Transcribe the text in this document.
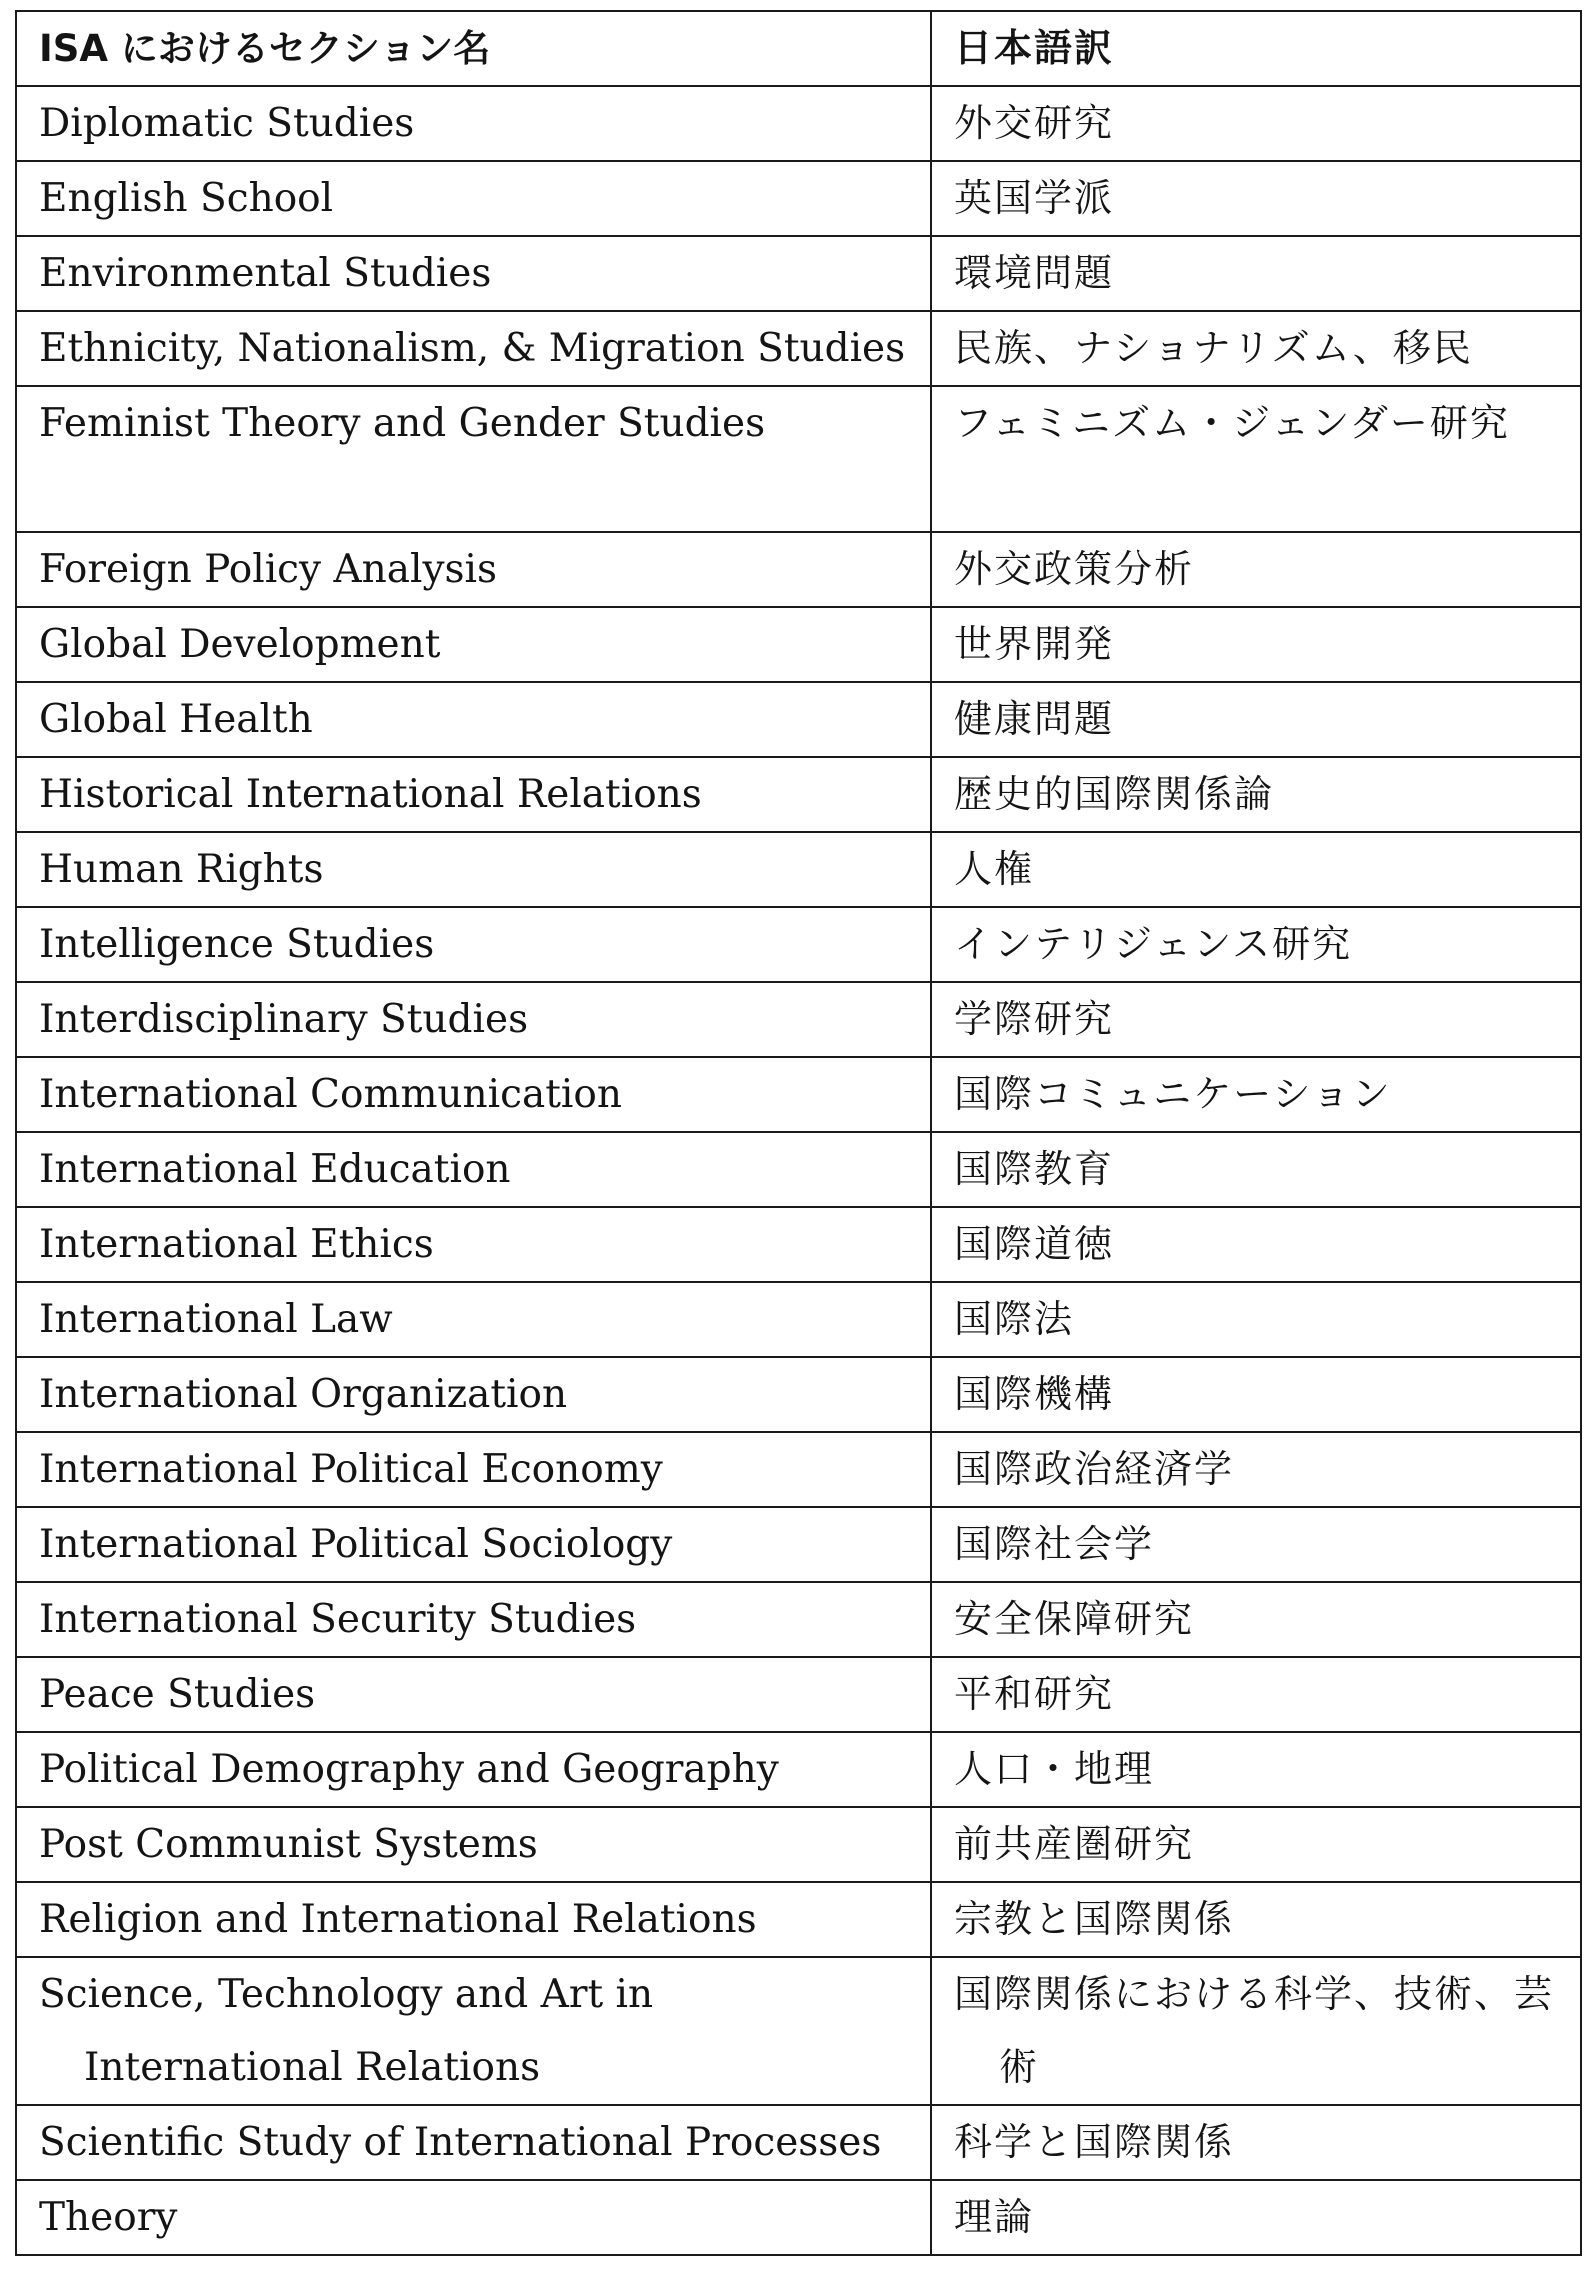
ISA におけるセクション名	日本語訳
Diplomatic Studies	外交研究
English School	英国学派
Environmental Studies	環境問題
Ethnicity, Nationalism, & Migration Studies	民族、ナショナリズム、移民
Feminist Theory and Gender Studies	フェミニズム・ジェンダー研究

Foreign Policy Analysis	外交政策分析
Global Development	世界開発
Global Health	健康問題
Historical International Relations	歴史的国際関係論
Human Rights	人権
Intelligence Studies	インテリジェンス研究
Interdisciplinary Studies	学際研究
International Communication	国際コミュニケーション
International Education	国際教育
International Ethics	国際道徳
International Law	国際法
International Organization	国際機構
International Political Economy	国際政治経済学
International Political Sociology	国際社会学
International Security Studies	安全保障研究
Peace Studies	平和研究
Political Demography and Geography	人口・地理
Post Communist Systems	前共産圏研究
Religion and International Relations	宗教と国際関係

Science, Technology and Art in International Relations	国際関係における科学、技術、芸術

Scientific Study of International Processes	科学と国際関係
Theory	理論
